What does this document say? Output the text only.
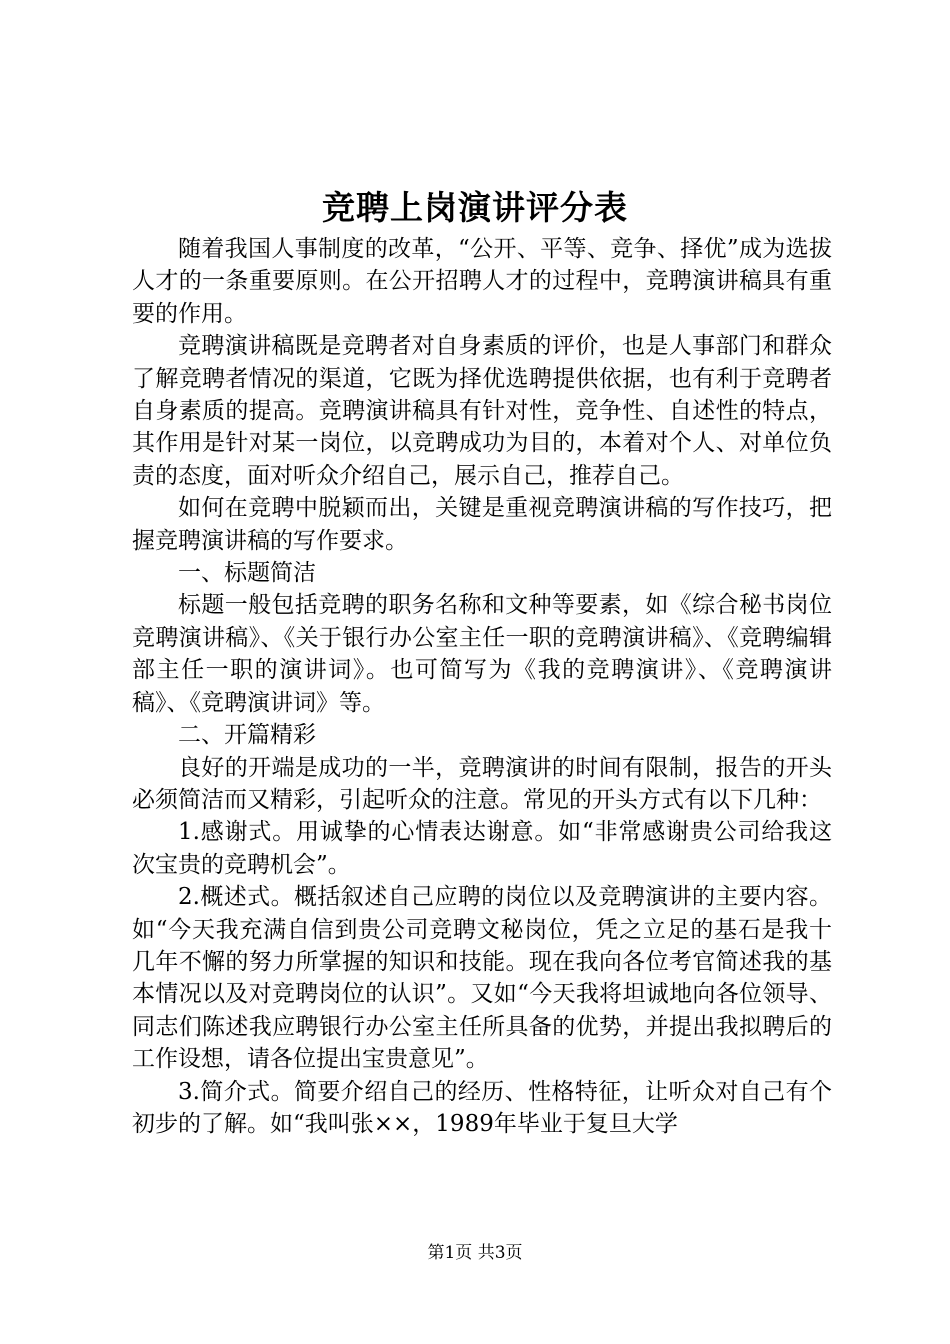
竞聘上岗演讲评分表

随着我国人事制度的改革，“公开、平等、竞争、择优”成为选拔人才的一条重要原则。在公开招聘人才的过程中，竞聘演讲稿具有重要的作用。

竞聘演讲稿既是竞聘者对自身素质的评价，也是人事部门和群众了解竞聘者情况的渠道，它既为择优选聘提供依据，也有利于竞聘者自身素质的提高。竞聘演讲稿具有针对性，竞争性、自述性的特点，其作用是针对某一岗位，以竞聘成功为目的，本着对个人、对单位负责的态度，面对听众介绍自己，展示自己，推荐自己。

如何在竞聘中脱颖而出，关键是重视竞聘演讲稿的写作技巧，把握竞聘演讲稿的写作要求。

一、标题简洁

标题一般包括竞聘的职务名称和文种等要素，如《综合秘书岗位竞聘演讲稿》、《关于银行办公室主任一职的竞聘演讲稿》、《竞聘编辑部主任一职的演讲词》。也可简写为《我的竞聘演讲》、《竞聘演讲稿》、《竞聘演讲词》等。

二、开篇精彩

良好的开端是成功的一半，竞聘演讲的时间有限制，报告的开头必须简洁而又精彩，引起听众的注意。常见的开头方式有以下几种：

1.感谢式。用诚挚的心情表达谢意。如“非常感谢贵公司给我这次宝贵的竞聘机会”。

2.概述式。概括叙述自己应聘的岗位以及竞聘演讲的主要内容。如“今天我充满自信到贵公司竞聘文秘岗位，凭之立足的基石是我十几年不懈的努力所掌握的知识和技能。现在我向各位考官简述我的基本情况以及对竞聘岗位的认识”。又如“今天我将坦诚地向各位领导、同志们陈述我应聘银行办公室主任所具备的优势，并提出我拟聘后的工作设想，请各位提出宝贵意见”。

3.简介式。简要介绍自己的经历、性格特征，让听众对自己有个初步的了解。如“我叫张××，1989年毕业于复旦大学

第1页 共3页
